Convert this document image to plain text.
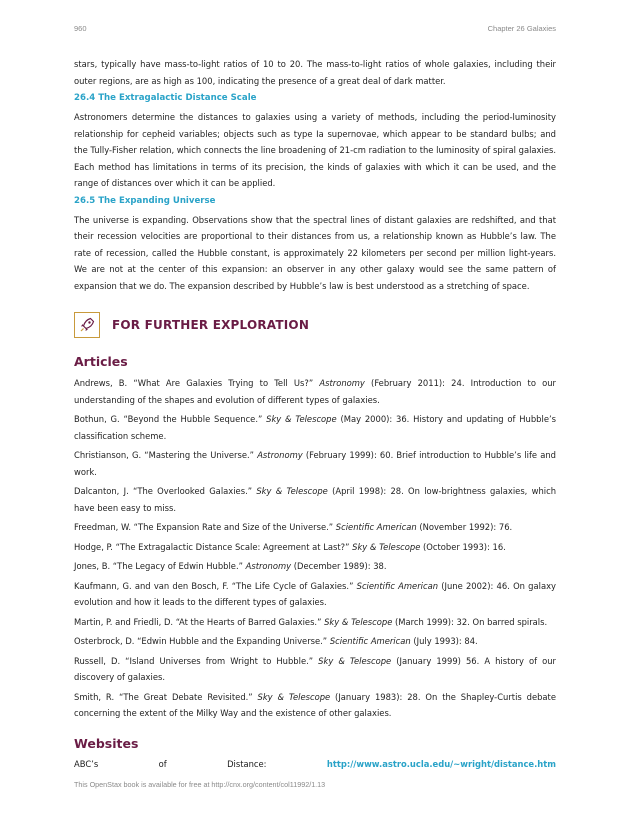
960	Chapter 26 Galaxies

stars, typically have mass-to-light ratios of 10 to 20. The mass-to-light ratios of whole galaxies, including their outer regions, are as high as 100, indicating the presence of a great deal of dark matter.

26.4 The Extragalactic Distance Scale

Astronomers determine the distances to galaxies using a variety of methods, including the period-luminosity relationship for cepheid variables; objects such as type Ia supernovae, which appear to be standard bulbs; and the Tully-Fisher relation, which connects the line broadening of 21-cm radiation to the luminosity of spiral galaxies. Each method has limitations in terms of its precision, the kinds of galaxies with which it can be used, and the range of distances over which it can be applied.

26.5 The Expanding Universe

The universe is expanding. Observations show that the spectral lines of distant galaxies are redshifted, and that their recession velocities are proportional to their distances from us, a relationship known as Hubble’s law. The rate of recession, called the Hubble constant, is approximately 22 kilometers per second per million light-years. We are not at the center of this expansion: an observer in any other galaxy would see the same pattern of expansion that we do. The expansion described by Hubble’s law is best understood as a stretching of space.

FOR FURTHER EXPLORATION
Articles

Andrews, B. “What Are Galaxies Trying to Tell Us?” Astronomy (February 2011): 24. Introduction to our understanding of the shapes and evolution of different types of galaxies.

Bothun, G. “Beyond the Hubble Sequence.” Sky & Telescope (May 2000): 36. History and updating of Hubble’s classification scheme.

Christianson, G. “Mastering the Universe.” Astronomy (February 1999): 60. Brief introduction to Hubble’s life and work.

Dalcanton, J. “The Overlooked Galaxies.” Sky & Telescope (April 1998): 28. On low-brightness galaxies, which have been easy to miss.

Freedman, W. “The Expansion Rate and Size of the Universe.” Scientific American (November 1992): 76.

Hodge, P. “The Extragalactic Distance Scale: Agreement at Last?” Sky & Telescope (October 1993): 16.

Jones, B. “The Legacy of Edwin Hubble.” Astronomy (December 1989): 38.

Kaufmann, G. and van den Bosch, F. “The Life Cycle of Galaxies.” Scientific American (June 2002): 46. On galaxy evolution and how it leads to the different types of galaxies.

Martin, P. and Friedli, D. “At the Hearts of Barred Galaxies.” Sky & Telescope (March 1999): 32. On barred spirals.

Osterbrock, D. “Edwin Hubble and the Expanding Universe.” Scientific American (July 1993): 84.

Russell, D. “Island Universes from Wright to Hubble.” Sky & Telescope (January 1999) 56. A history of our discovery of galaxies.

Smith, R. “The Great Debate Revisited.” Sky & Telescope (January 1983): 28. On the Shapley-Curtis debate concerning the extent of the Milky Way and the existence of other galaxies.

Websites
ABC’s	of	Distance:	http://www.astro.ucla.edu/~wright/distance.htm
This OpenStax book is available for free at http://cnx.org/content/col11992/1.13
